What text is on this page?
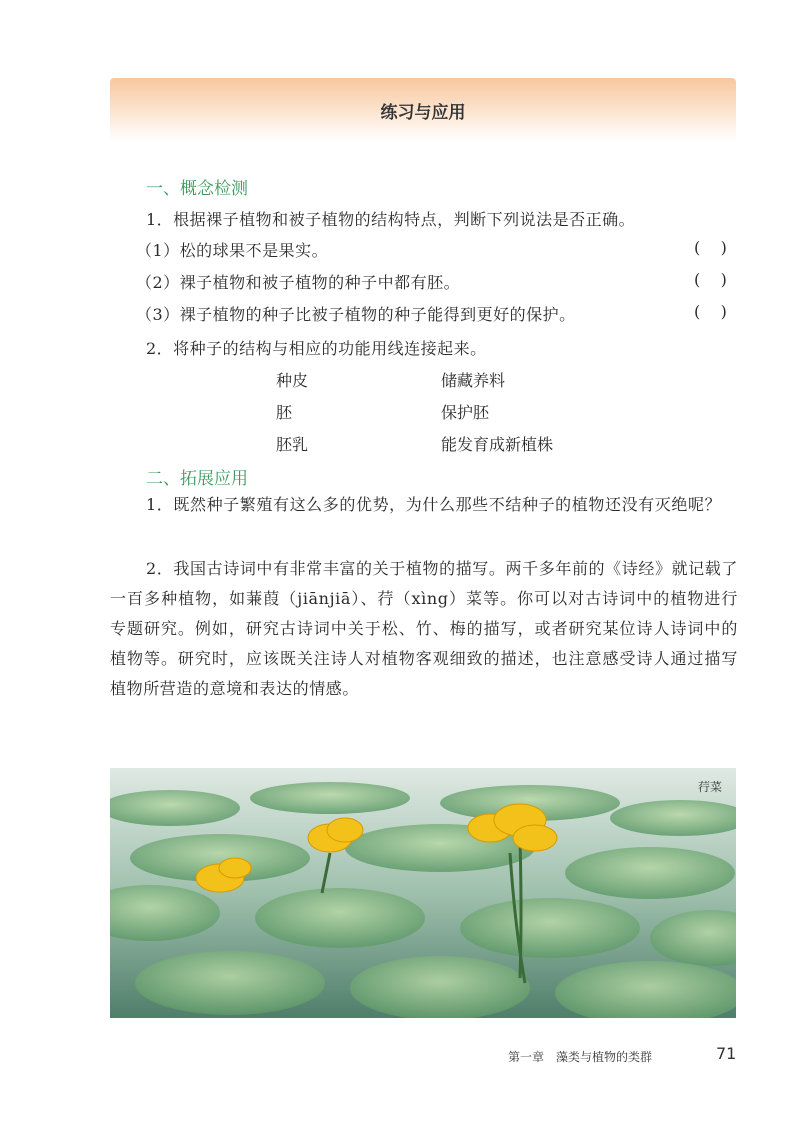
练习与应用
一、概念检测
1．根据裸子植物和被子植物的结构特点，判断下列说法是否正确。
（1）松的球果不是果实。	(    )
（2）裸子植物和被子植物的种子中都有胚。	(    )
（3）裸子植物的种子比被子植物的种子能得到更好的保护。	(    )
2．将种子的结构与相应的功能用线连接起来。
种皮	储藏养料
胚	保护胚
胚乳	能发育成新植株
二、拓展应用
1．既然种子繁殖有这么多的优势，为什么那些不结种子的植物还没有灭绝呢？
2．我国古诗词中有非常丰富的关于植物的描写。两千多年前的《诗经》就记载了一百多种植物，如蒹葭（jiānjiā）、荇（xìng）菜等。你可以对古诗词中的植物进行专题研究。例如，研究古诗词中关于松、竹、梅的描写，或者研究某位诗人诗词中的植物等。研究时，应该既关注诗人对植物客观细致的描述，也注意感受诗人通过描写植物所营造的意境和表达的情感。
荇菜
第一章　藻类与植物的类群	71
